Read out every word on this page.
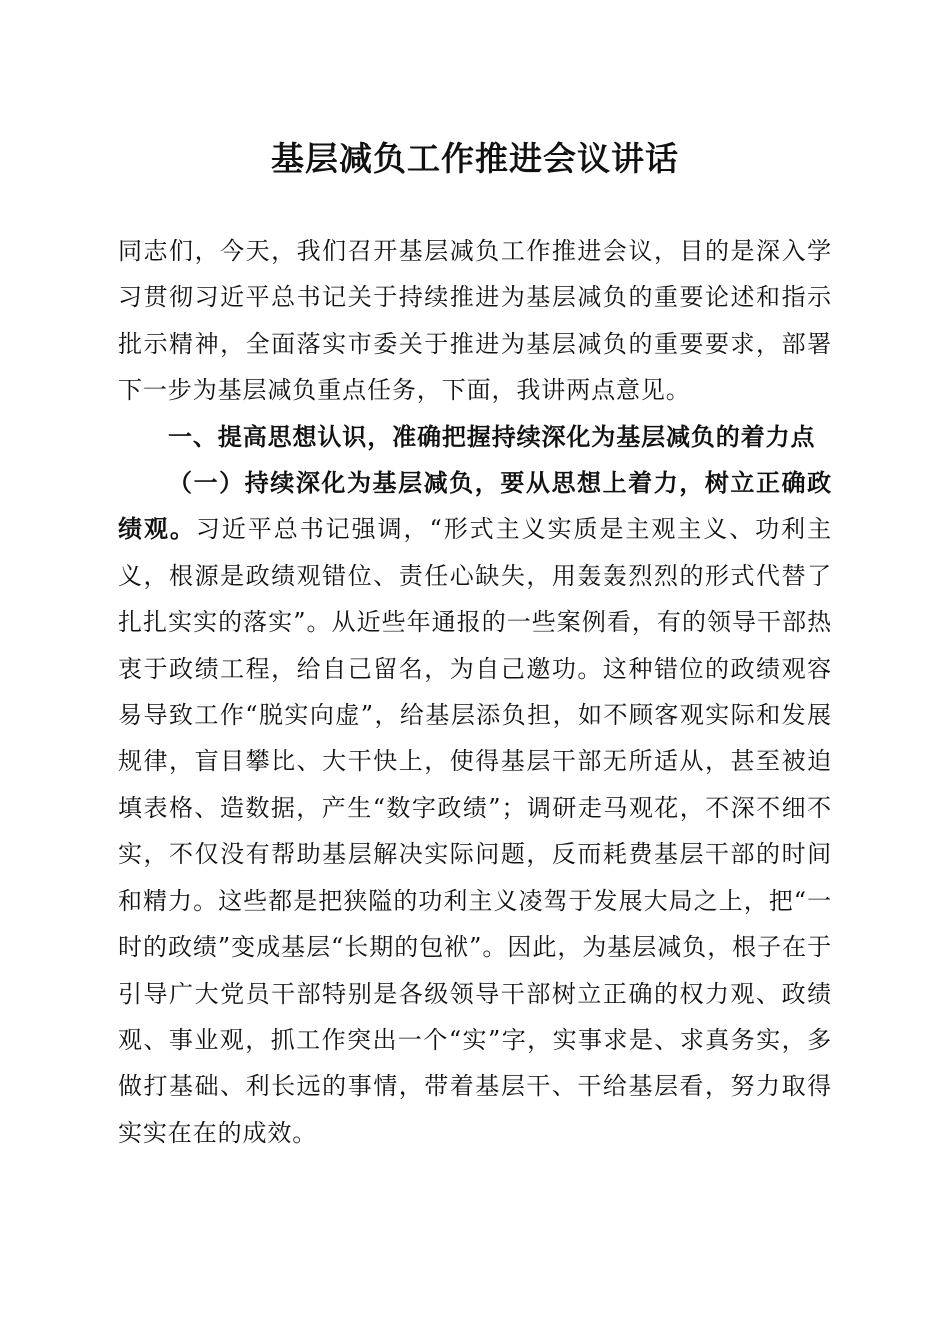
基层减负工作推进会议讲话

同志们，今天，我们召开基层减负工作推进会议，目的是深入学习贯彻习近平总书记关于持续推进为基层减负的重要论述和指示批示精神，全面落实市委关于推进为基层减负的重要要求，部署下一步为基层减负重点任务，下面，我讲两点意见。

一、提高思想认识，准确把握持续深化为基层减负的着力点

（一）持续深化为基层减负，要从思想上着力，树立正确政绩观。习近平总书记强调，“形式主义实质是主观主义、功利主义，根源是政绩观错位、责任心缺失，用轰轰烈烈的形式代替了扎扎实实的落实”。从近些年通报的一些案例看，有的领导干部热衷于政绩工程，给自己留名，为自己邀功。这种错位的政绩观容易导致工作“脱实向虚”，给基层添负担，如不顾客观实际和发展规律，盲目攀比、大干快上，使得基层干部无所适从，甚至被迫填表格、造数据，产生“数字政绩”；调研走马观花，不深不细不实，不仅没有帮助基层解决实际问题，反而耗费基层干部的时间和精力。这些都是把狭隘的功利主义凌驾于发展大局之上，把“一时的政绩”变成基层“长期的包袱”。因此，为基层减负，根子在于引导广大党员干部特别是各级领导干部树立正确的权力观、政绩观、事业观，抓工作突出一个“实”字，实事求是、求真务实，多做打基础、利长远的事情，带着基层干、干给基层看，努力取得实实在在的成效。
